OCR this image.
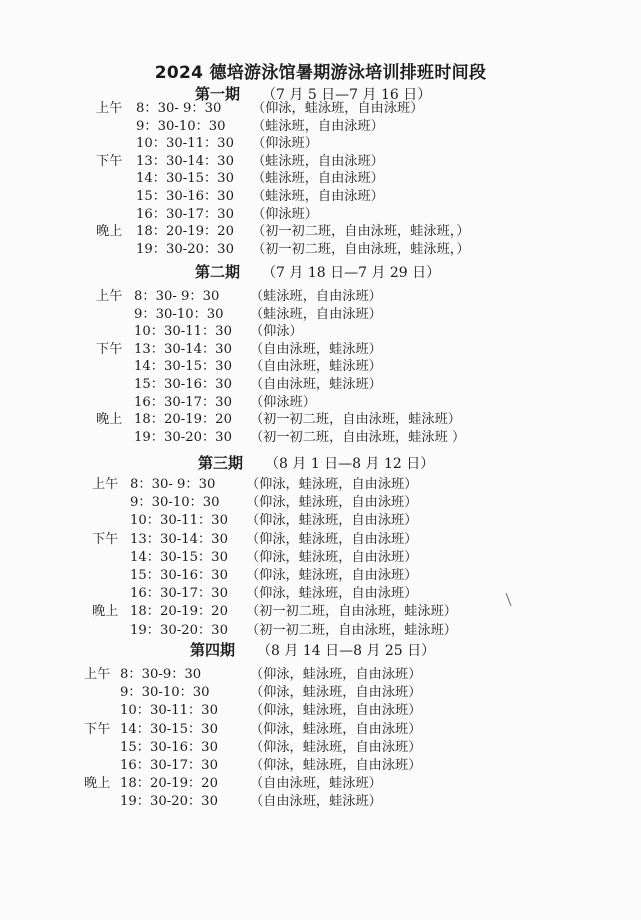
2024 德培游泳馆暑期游泳培训排班时间段
第一期 （7 月 5 日—7 月 16 日）
上午 8：30- 9：30 （仰泳，蛙泳班，自由泳班）
9：30-10：30 （蛙泳班，自由泳班）
10：30-11：30 （仰泳班）
下午 13：30-14：30 （蛙泳班，自由泳班）
14：30-15：30 （蛙泳班，自由泳班）
15：30-16：30 （蛙泳班，自由泳班）
16：30-17：30 （仰泳班）
晚上 18：20-19：20 （初一初二班，自由泳班，蛙泳班，）
19：30-20：30 （初一初二班，自由泳班，蛙泳班，）
第二期 （7 月 18 日—7 月 29 日）
上午 8：30- 9：30 （蛙泳班，自由泳班）
9：30-10：30 （蛙泳班，自由泳班）
10：30-11：30 （仰泳）
下午 13：30-14：30 （自由泳班，蛙泳班）
14：30-15：30 （自由泳班，蛙泳班）
15：30-16：30 （自由泳班，蛙泳班）
16：30-17：30 （仰泳班）
晚上 18：20-19：20 （初一初二班，自由泳班，蛙泳班）
19：30-20：30 （初一初二班，自由泳班，蛙泳班 ）
第三期 （8 月 1 日—8 月 12 日）
上午 8：30- 9：30 （仰泳，蛙泳班，自由泳班）
9：30-10：30 （仰泳，蛙泳班，自由泳班）
10：30-11：30 （仰泳，蛙泳班，自由泳班）
下午 13：30-14：30 （仰泳，蛙泳班，自由泳班）
14：30-15：30 （仰泳，蛙泳班，自由泳班）
15：30-16：30 （仰泳，蛙泳班，自由泳班）
16：30-17：30 （仰泳，蛙泳班，自由泳班）
晚上 18：20-19：20 （初一初二班，自由泳班，蛙泳班）
19：30-20：30 （初一初二班，自由泳班，蛙泳班）
第四期 （8 月 14 日—8 月 25 日）
上午 8：30-9：30	（仰泳，蛙泳班，自由泳班）
9：30-10：30	（仰泳，蛙泳班，自由泳班）
10：30-11：30 （仰泳，蛙泳班，自由泳班）
下午 14：30-15：30 （仰泳，蛙泳班，自由泳班）
15：30-16：30 （仰泳，蛙泳班，自由泳班）
16：30-17：30 （仰泳，蛙泳班，自由泳班）
晚上 18：20-19：20 （自由泳班，蛙泳班）
19：30-20：30 （自由泳班，蛙泳班）
